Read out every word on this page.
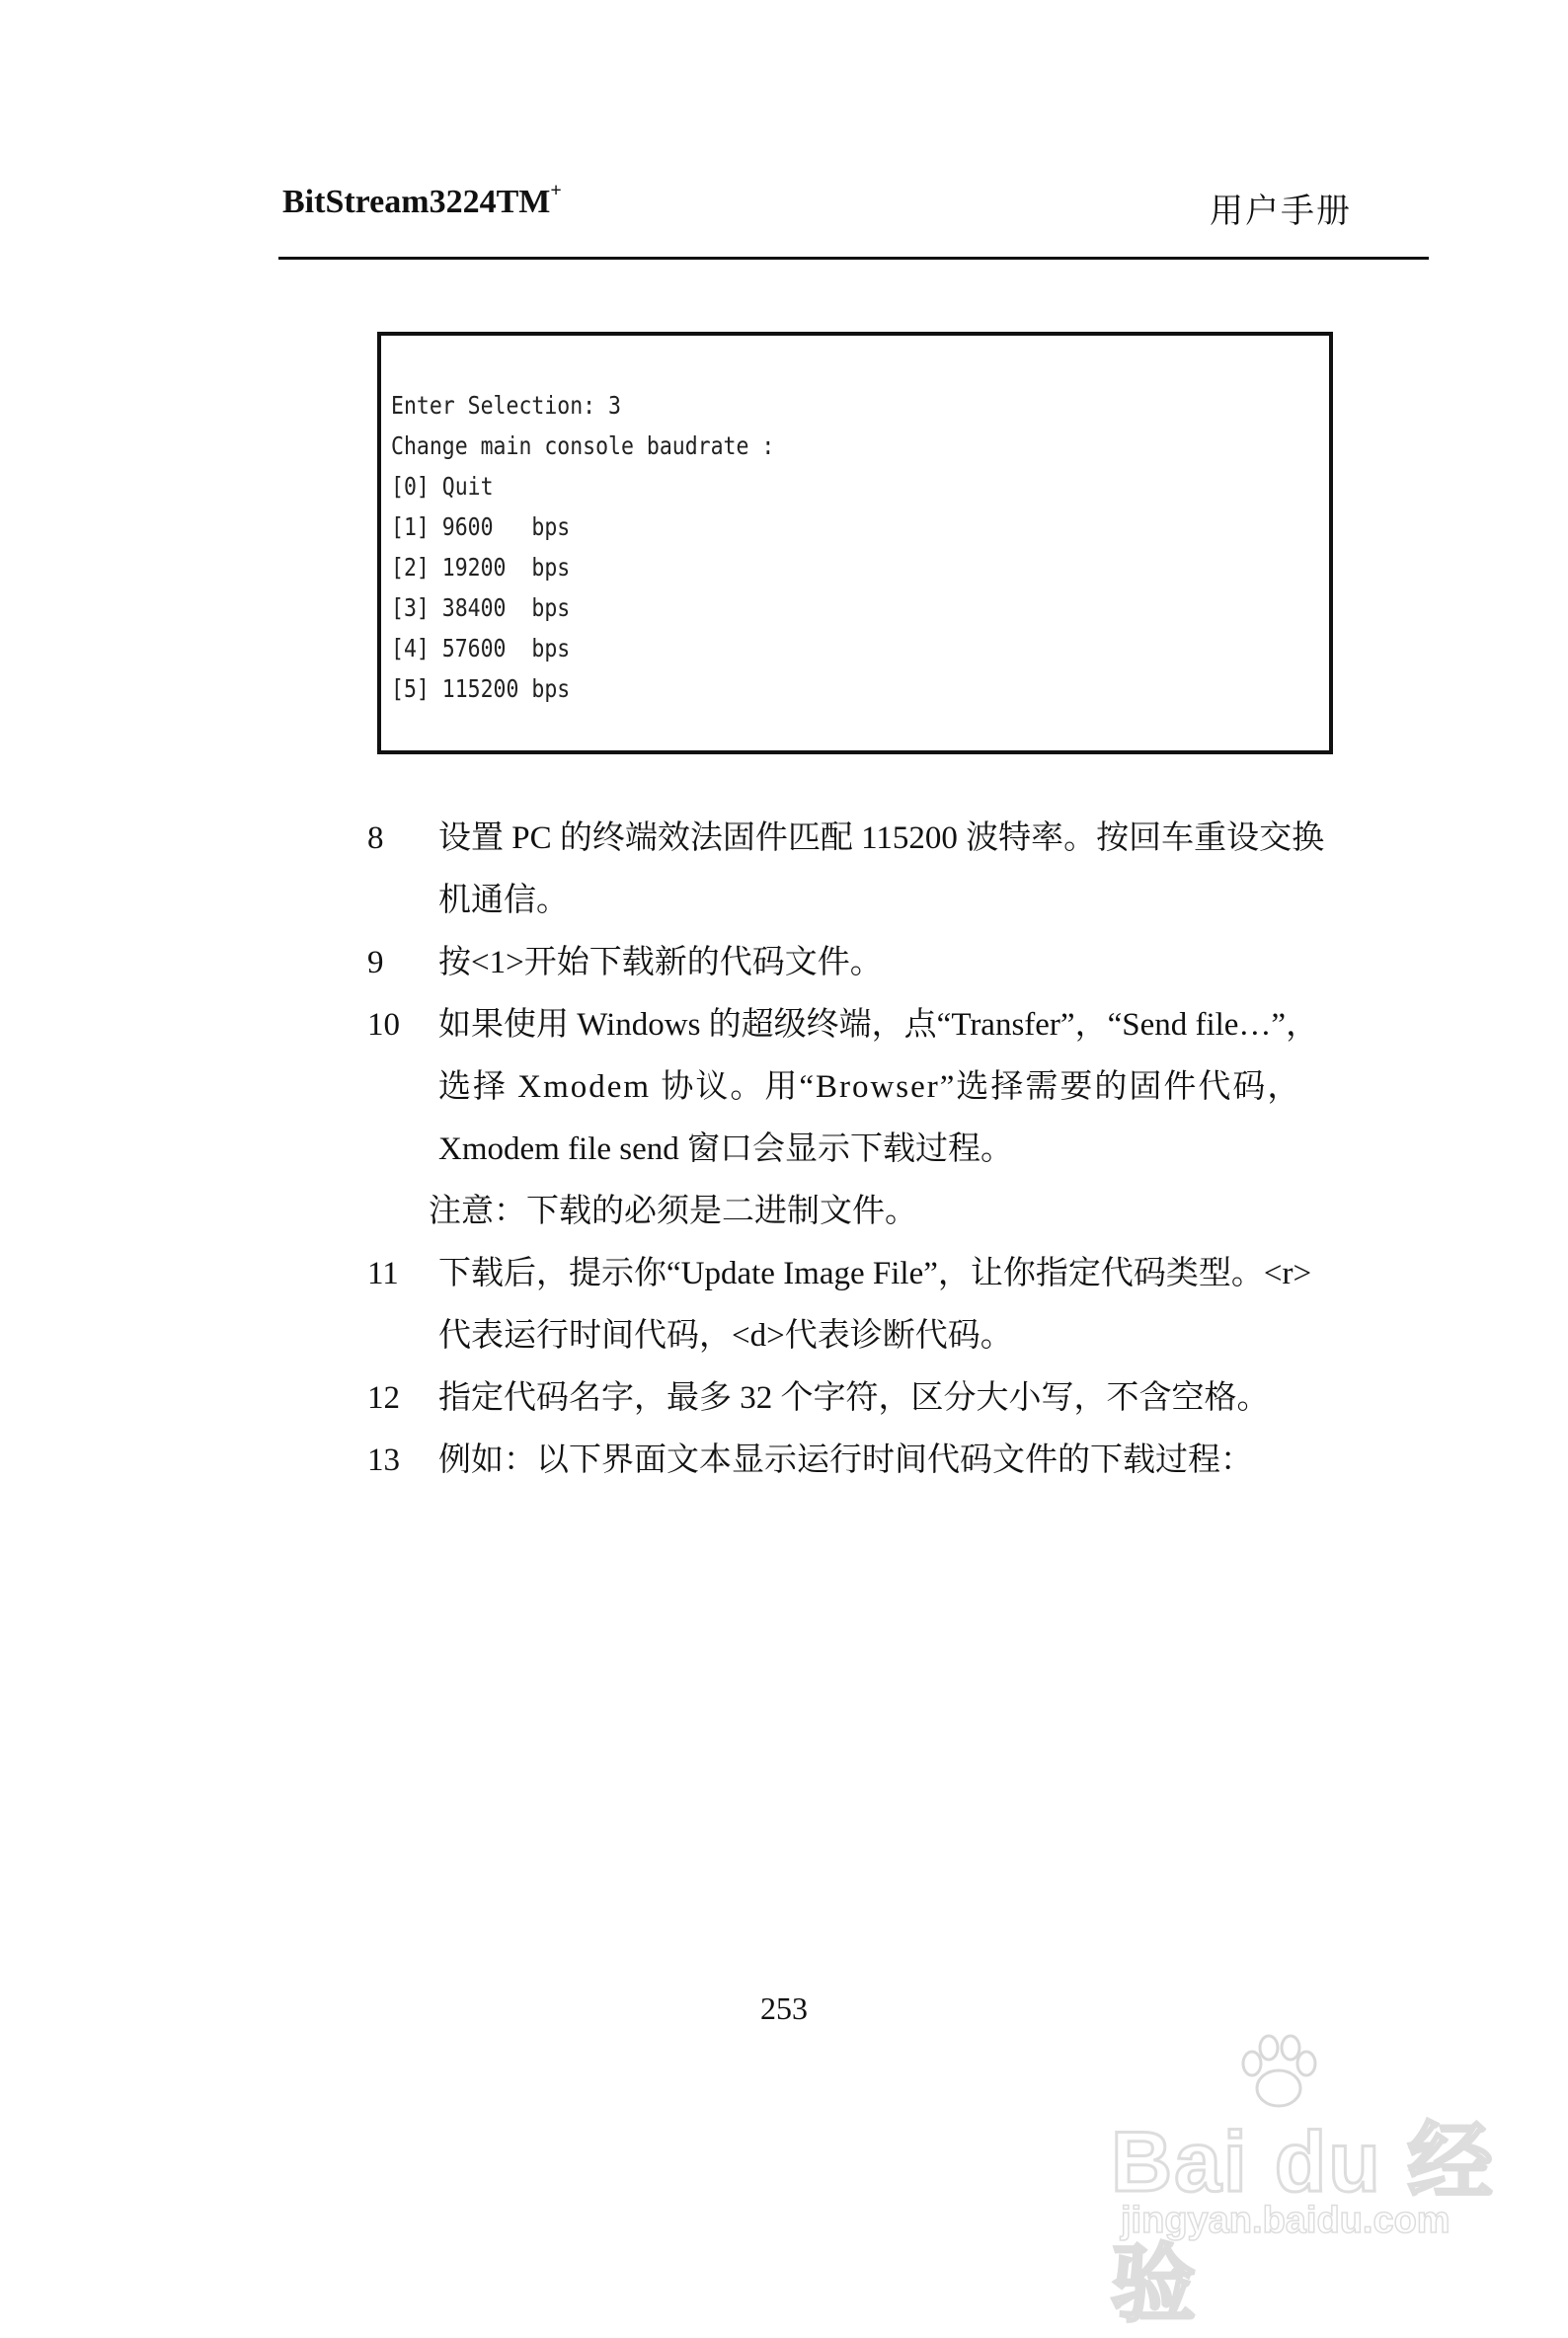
BitStream3224TM+
用户手册
Enter Selection: 3
Change main console baudrate :
[0] Quit
[1] 9600   bps
[2] 19200  bps
[3] 38400  bps
[4] 57600  bps
[5] 115200 bps
8 设置 PC 的终端效法固件匹配 115200 波特率。按回车重设交换
机通信。
9 按<1>开始下载新的代码文件。
10 如果使用 Windows 的超级终端，点“Transfer”，“Send file…”，
选择 Xmodem 协议。用“Browser”选择需要的固件代码，
Xmodem file send 窗口会显示下载过程。
注意：下载的必须是二进制文件。
11 下载后，提示你“Update Image File”，让你指定代码类型。<r>
代表运行时间代码，<d>代表诊断代码。
12 指定代码名字，最多 32 个字符，区分大小写，不含空格。
13 例如：以下界面文本显示运行时间代码文件的下载过程：
253
Bai du 经验
jingyan.baidu.com
